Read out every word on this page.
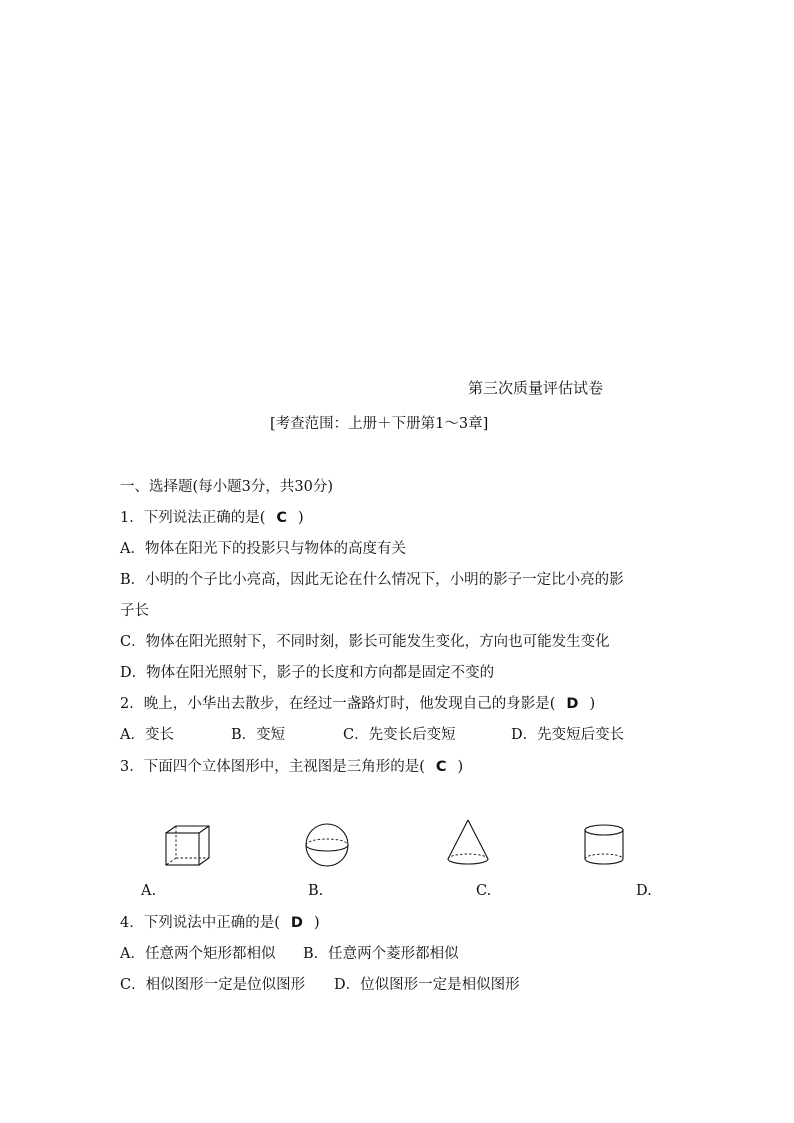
第三次质量评估试卷
[考查范围：上册＋下册第1～3章]
一、选择题(每小题3分，共30分)
1．下列说法正确的是( C )
A．物体在阳光下的投影只与物体的高度有关
B．小明的个子比小亮高，因此无论在什么情况下，小明的影子一定比小亮的影
子长
C．物体在阳光照射下，不同时刻，影长可能发生变化，方向也可能发生变化
D．物体在阳光照射下，影子的长度和方向都是固定不变的
2．晚上，小华出去散步，在经过一盏路灯时，他发现自己的身影是( D )
A．变长	B．变短	C．先变长后变短	D．先变短后变长
3．下面四个立体图形中，主视图是三角形的是( C )
A.	B.	C.	D.
4．下列说法中正确的是( D )
A．任意两个矩形都相似 B．任意两个菱形都相似
C．相似图形一定是位似图形 D．位似图形一定是相似图形
